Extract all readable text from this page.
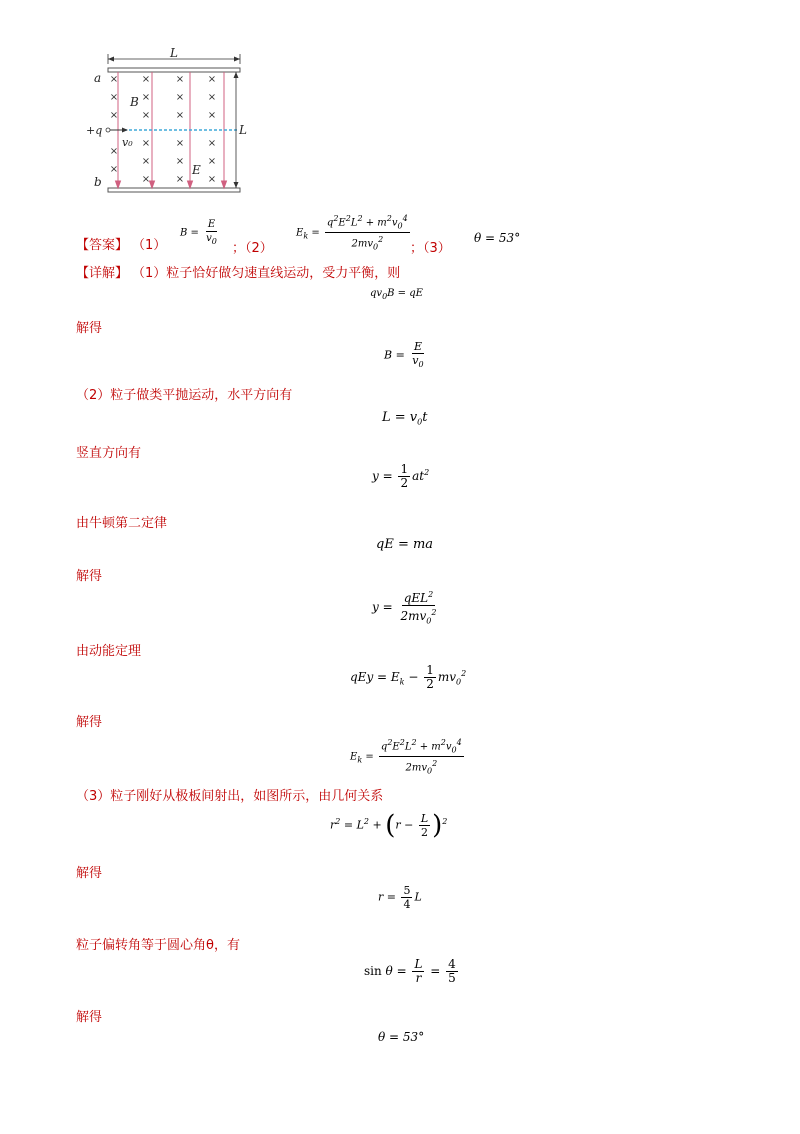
× ×	× ×
× ×	× ×
× ×	× ×
×	× ×
×
×	× ×
×
×	× ×
L
L
a
b
B
E
+q
v₀
【答案】 （1）
$B = \frac{E}{v_0}$
；（2）
$E_k = \frac{q^2E^2L^2 + m^2v_0^4}{2mv_0^2}$ ；（3）
θ = 53°
【详解】 （1）粒子恰好做匀速直线运动，受力平衡，则
$qv_0B$ = qE
解得
$B = \frac{E}{v_0}$
（2）粒子做类平抛运动，水平方向有
$L = v_0t$
竖直方向有
$y = \frac{1}{2} at^2$
由牛顿第二定律
qE = ma
解得
$y = \frac{qEL^2}{2mv_0^2}$
由动能定理
qEy = $E_k - \frac{1}{2} mv_0^2$
解得
$E_k = \frac{q^2E^2L^2 + m^2v_0^4}{2mv_0^2}$
（3）粒子刚好从极板间射出，如图所示，由几何关系
$r^2 = L^2 + (r - \frac{L}{2} )^2$
解得
$r = \frac{5}{4}$ L
粒子偏转角等于圆心角θ，有
$\sin \theta = \frac{L}{r} = \frac{4}{5}$
解得
θ = 53°
